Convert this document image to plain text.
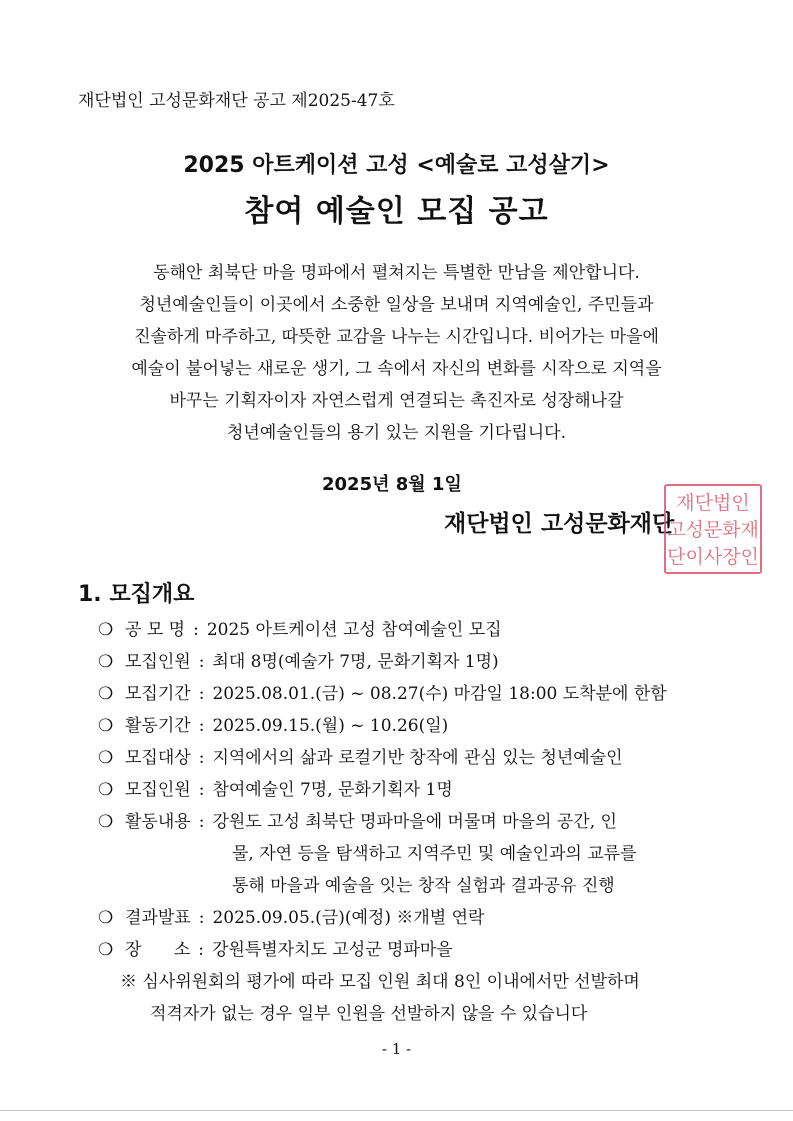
재단법인 고성문화재단 공고 제2025-47호
2025 아트케이션 고성 <예술로 고성살기>
참여 예술인 모집 공고
동해안 최북단 마을 명파에서 펼쳐지는 특별한 만남을 제안합니다.
청년예술인들이 이곳에서 소중한 일상을 보내며 지역예술인, 주민들과
진솔하게 마주하고, 따뜻한 교감을 나누는 시간입니다. 비어가는 마을에
예술이 불어넣는 새로운 생기, 그 속에서 자신의 변화를 시작으로 지역을
바꾸는 기획자이자 자연스럽게 연결되는 촉진자로 성장해나갈
청년예술인들의 용기 있는 지원을 기다립니다.
2025년 8월 1일
재단법인 고성문화재단
재단법인
고성문화재
단이사장인
1. 모집개요
❍ 공 모 명 : 2025 아트케이션 고성 참여예술인 모집
❍ 모집인원 : 최대 8명(예술가 7명, 문화기획자 1명)
❍ 모집기간 : 2025.08.01.(금) ~ 08.27(수) 마감일 18:00 도착분에 한함
❍ 활동기간 : 2025.09.15.(월) ~ 10.26(일)
❍ 모집대상 : 지역에서의 삶과 로컬기반 창작에 관심 있는 청년예술인
❍ 모집인원 : 참여예술인 7명, 문화기획자 1명
❍ 활동내용 : 강원도 고성 최북단 명파마을에 머물며 마을의 공간, 인
물, 자연 등을 탐색하고 지역주민 및 예술인과의 교류를
통해 마을과 예술을 잇는 창작 실험과 결과공유 진행
❍ 결과발표 : 2025.09.05.(금)(예정) ※개별 연락
❍ 장      소 : 강원특별자치도 고성군 명파마을
※ 심사위원회의 평가에 따라 모집 인원 최대 8인 이내에서만 선발하며
적격자가 없는 경우 일부 인원을 선발하지 않을 수 있습니다
- 1 -
